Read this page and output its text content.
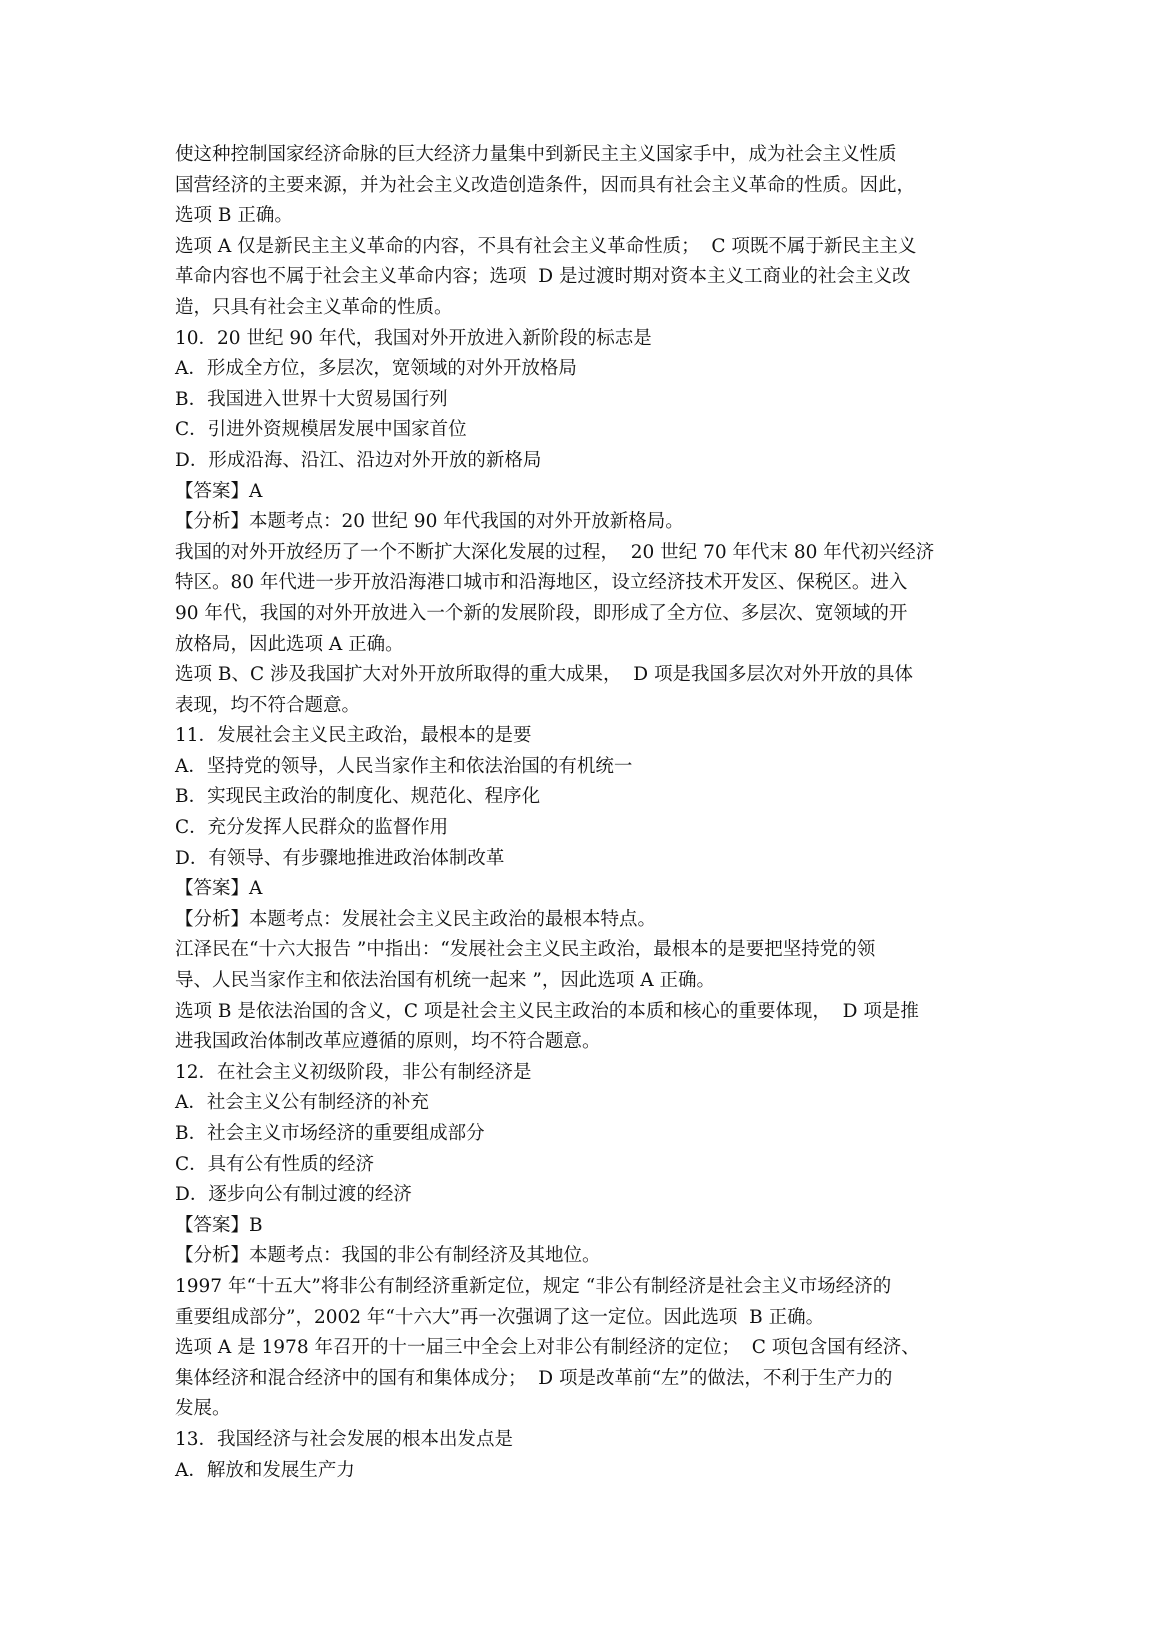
使这种控制国家经济命脉的巨大经济力量集中到新民主主义国家手中，成为社会主义性质
国营经济的主要来源，并为社会主义改造创造条件，因而具有社会主义革命的性质。因此，
选项 B 正确。
选项 A 仅是新民主主义革命的内容，不具有社会主义革命性质；  C 项既不属于新民主主义
革命内容也不属于社会主义革命内容；选项  D 是过渡时期对资本主义工商业的社会主义改
造，只具有社会主义革命的性质。
10．20 世纪 90 年代，我国对外开放进入新阶段的标志是
A．形成全方位，多层次，宽领域的对外开放格局
B．我国进入世界十大贸易国行列
C．引进外资规模居发展中国家首位
D．形成沿海、沿江、沿边对外开放的新格局
【答案】A
【分析】本题考点：20 世纪 90 年代我国的对外开放新格局。
我国的对外开放经历了一个不断扩大深化发展的过程，  20 世纪 70 年代末 80 年代初兴经济
特区。80 年代进一步开放沿海港口城市和沿海地区，设立经济技术开发区、保税区。进入
90 年代，我国的对外开放进入一个新的发展阶段，即形成了全方位、多层次、宽领域的开
放格局，因此选项 A 正确。
选项 B、C 涉及我国扩大对外开放所取得的重大成果，  D 项是我国多层次对外开放的具体
表现，均不符合题意。
11．发展社会主义民主政治，最根本的是要
A．坚持党的领导，人民当家作主和依法治国的有机统一
B．实现民主政治的制度化、规范化、程序化
C．充分发挥人民群众的监督作用
D．有领导、有步骤地推进政治体制改革
【答案】A
【分析】本题考点：发展社会主义民主政治的最根本特点。
江泽民在“十六大报告 ”中指出：“发展社会主义民主政治，最根本的是要把坚持党的领
导、人民当家作主和依法治国有机统一起来 ”，因此选项 A 正确。
选项 B 是依法治国的含义，C 项是社会主义民主政治的本质和核心的重要体现，  D 项是推
进我国政治体制改革应遵循的原则，均不符合题意。
12．在社会主义初级阶段，非公有制经济是
A．社会主义公有制经济的补充
B．社会主义市场经济的重要组成部分
C．具有公有性质的经济
D．逐步向公有制过渡的经济
【答案】B
【分析】本题考点：我国的非公有制经济及其地位。
1997 年“十五大”将非公有制经济重新定位，规定 “非公有制经济是社会主义市场经济的
重要组成部分”，2002 年“十六大”再一次强调了这一定位。因此选项  B 正确。
选项 A 是 1978 年召开的十一届三中全会上对非公有制经济的定位；  C 项包含国有经济、
集体经济和混合经济中的国有和集体成分；  D 项是改革前“左”的做法，不利于生产力的
发展。
13．我国经济与社会发展的根本出发点是
A．解放和发展生产力
